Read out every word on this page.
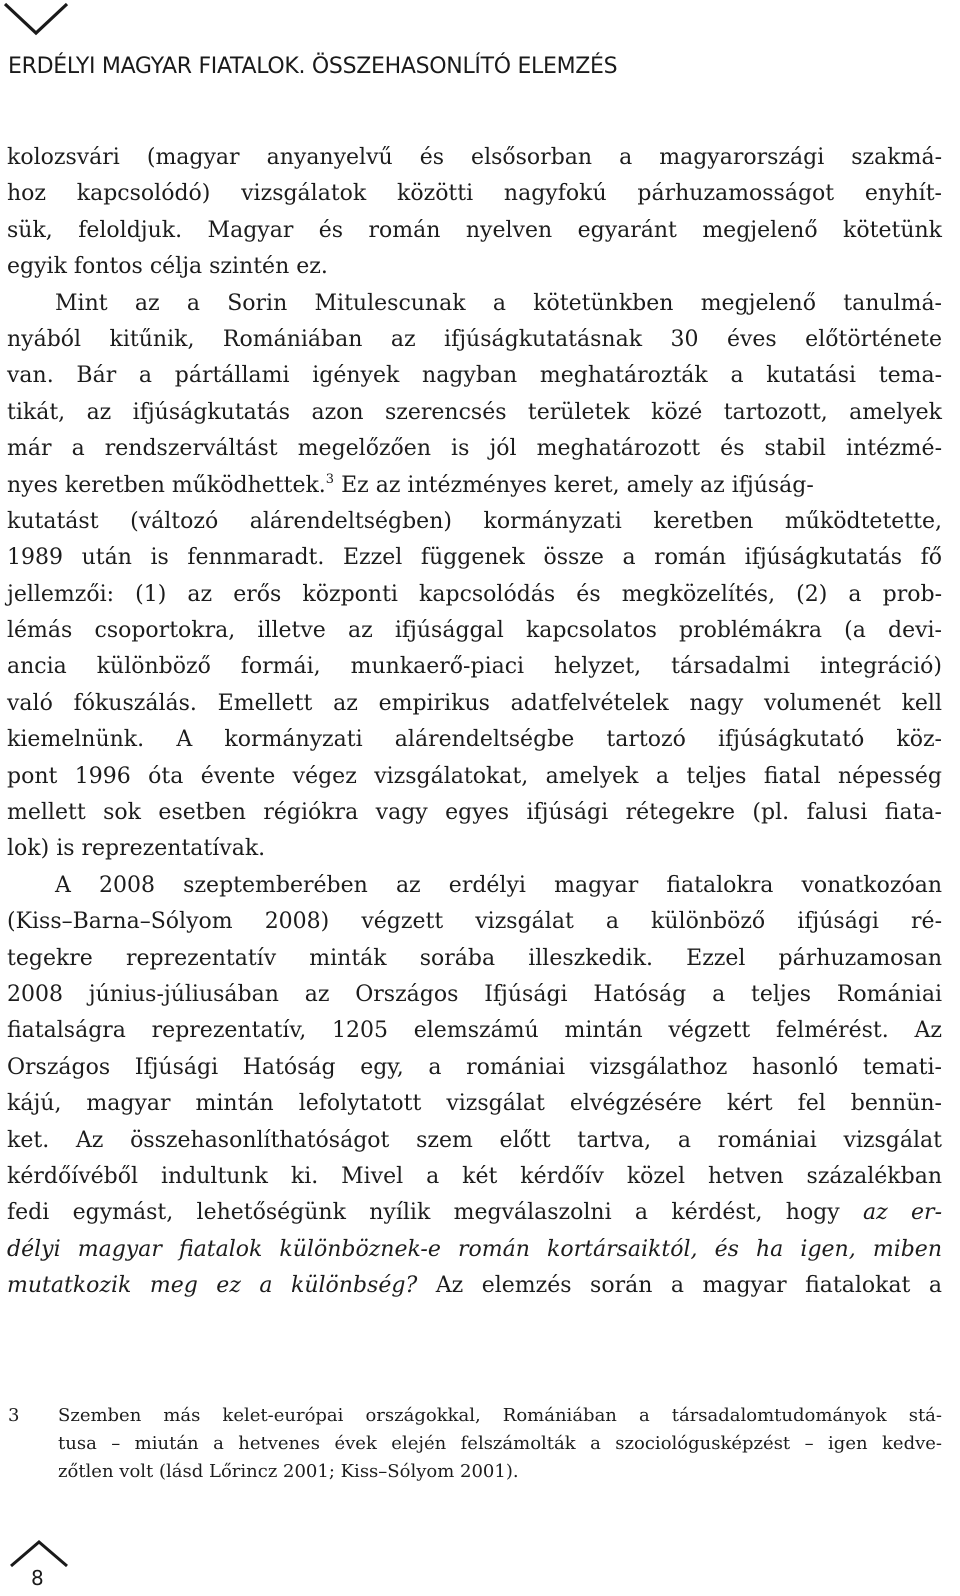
ERDÉLYI MAGYAR FIATALOK. ÖSSZEHASONLÍTÓ ELEMZÉS
kolozsvári (magyar anyanyelvű és elsősorban a magyarországi szakmá-
hoz kapcsolódó) vizsgálatok közötti nagyfokú párhuzamosságot enyhít-
sük, feloldjuk. Magyar és román nyelven egyaránt megjelenő kötetünk
egyik fontos célja szintén ez.
Mint az a Sorin Mitulescunak a kötetünkben megjelenő tanulmá-
nyából kitűnik, Romániában az ifjúságkutatásnak 30 éves előtörténete
van. Bár a pártállami igények nagyban meghatározták a kutatási tema-
tikát, az ifjúságkutatás azon szerencsés területek közé tartozott, amelyek
már a rendszerváltást megelőzően is jól meghatározott és stabil intézmé-
nyes keretben működhettek.$^3$ Ez az intézményes keret, amely az ifjúság-
kutatást (változó alárendeltségben) kormányzati keretben működtetette,
1989 után is fennmaradt. Ezzel függenek össze a román ifjúságkutatás fő
jellemzői: (1) az erős központi kapcsolódás és megközelítés, (2) a prob-
lémás csoportokra, illetve az ifjúsággal kapcsolatos problémákra (a devi-
ancia különböző formái, munkaerő-piaci helyzet, társadalmi integráció)
való fókuszálás. Emellett az empirikus adatfelvételek nagy volumenét kell
kiemelnünk. A kormányzati alárendeltségbe tartozó ifjúságkutató köz-
pont 1996 óta évente végez vizsgálatokat, amelyek a teljes fiatal népesség
mellett sok esetben régiókra vagy egyes ifjúsági rétegekre (pl. falusi fiata-
lok) is reprezentatívak.
A 2008 szeptemberében az erdélyi magyar fiatalokra vonatkozóan
(Kiss–Barna–Sólyom 2008) végzett vizsgálat a különböző ifjúsági ré-
tegekre reprezentatív minták sorába illeszkedik. Ezzel párhuzamosan
2008 június-júliusában az Országos Ifjúsági Hatóság a teljes Romániai
fiatalságra reprezentatív, 1205 elemszámú mintán végzett felmérést. Az
Országos Ifjúsági Hatóság egy, a romániai vizsgálathoz hasonló temati-
kájú, magyar mintán lefolytatott vizsgálat elvégzésére kért fel bennün-
ket. Az összehasonlíthatóságot szem előtt tartva, a romániai vizsgálat
kérdőívéből indultunk ki. Mivel a két kérdőív közel hetven százalékban
fedi egymást, lehetőségünk nyílik megválaszolni a kérdést, hogy az er-
délyi magyar fiatalok különböznek-e román kortársaiktól, és ha igen, miben
mutatkozik meg ez a különbség? Az elemzés során a magyar fiatalokat a
3 Szemben más kelet-európai országokkal, Romániában a társadalomtudományok stá-
tusa – miután a hetvenes évek elején felszámolták a szociológusképzést – igen kedve-
zőtlen volt (lásd Lőrincz 2001; Kiss–Sólyom 2001).
8
